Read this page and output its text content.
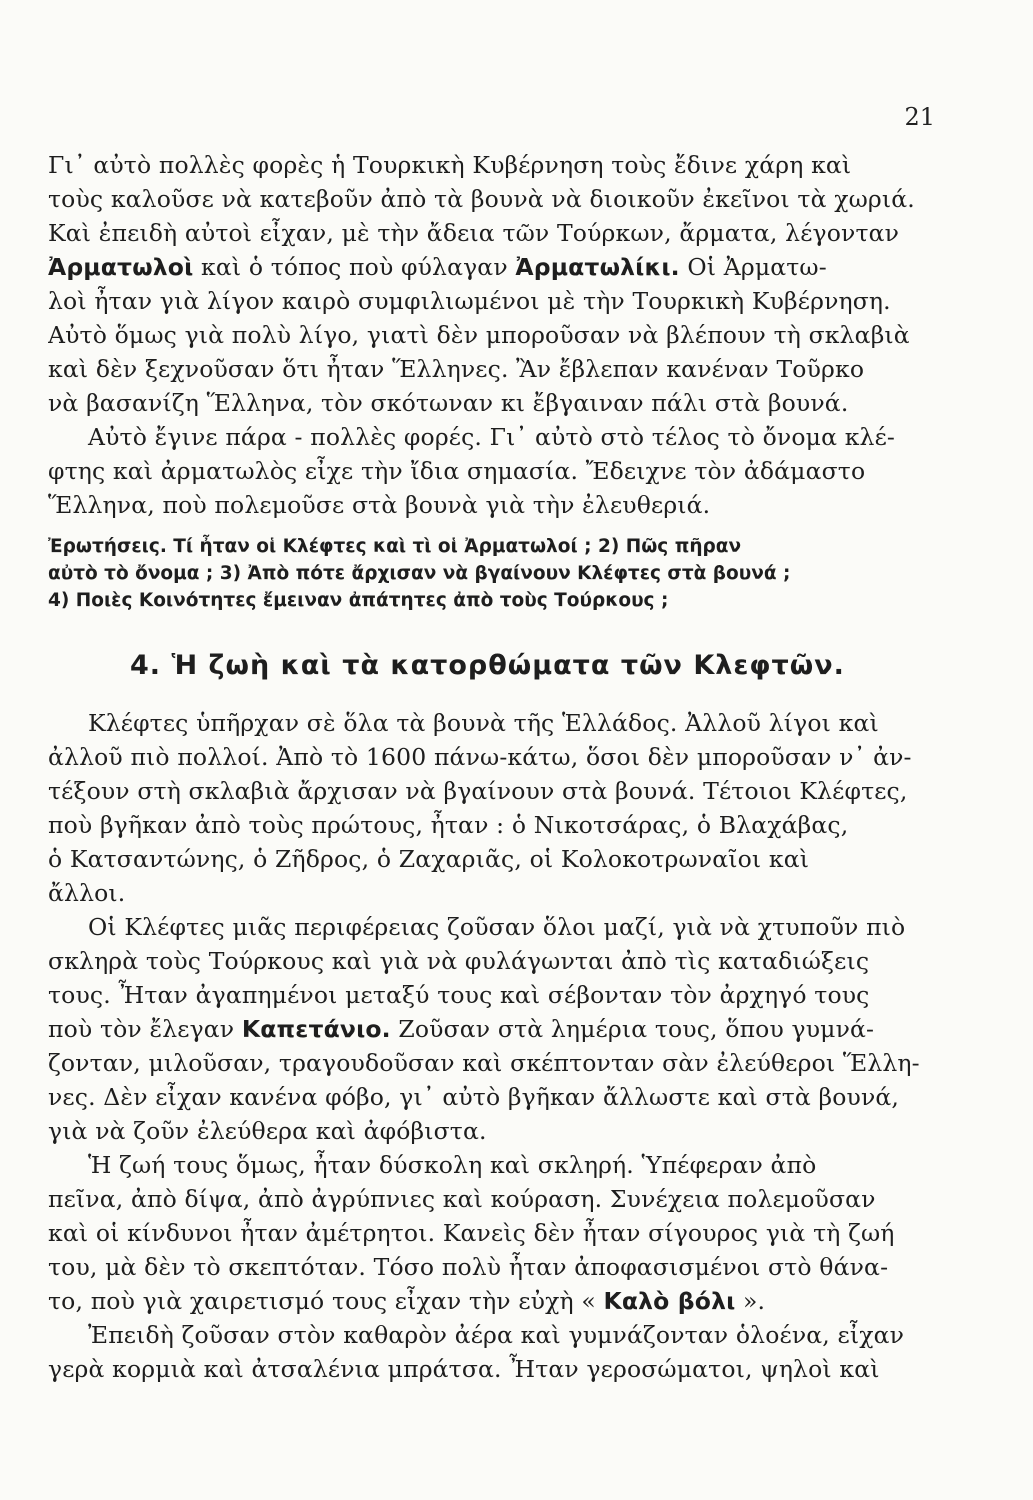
21
Γι᾿ αὐτὸ πολλὲς φορὲς ἡ Τουρκικὴ Κυβέρνηση τοὺς ἔδινε χάρη καὶ
τοὺς καλοῦσε νὰ κατεβοῦν ἀπὸ τὰ βουνὰ νὰ διοικοῦν ἐκεῖνοι τὰ χωριά.
Καὶ ἐπειδὴ αὐτοὶ εἶχαν, μὲ τὴν ἄδεια τῶν Τούρκων, ἄρματα, λέγονταν
Ἀρματωλοὶ καὶ ὁ τόπος ποὺ φύλαγαν Ἀρματωλίκι. Οἱ Ἀρματω-
λοὶ ἦταν γιὰ λίγον καιρὸ συμφιλιωμένοι μὲ τὴν Τουρκικὴ Κυβέρνηση.
Αὐτὸ ὅμως γιὰ πολὺ λίγο, γιατὶ δὲν μποροῦσαν νὰ βλέπουν τὴ σκλαβιὰ
καὶ δὲν ξεχνοῦσαν ὅτι ἦταν Ἕλληνες. Ἂν ἔβλεπαν κανέναν Τοῦρκο
νὰ βασανίζη Ἕλληνα, τὸν σκότωναν κι ἔβγαιναν πάλι στὰ βουνά.
Αὐτὸ ἔγινε πάρα - πολλὲς φορές. Γι᾿ αὐτὸ στὸ τέλος τὸ ὄνομα κλέ-
φτης καὶ ἀρματωλὸς εἶχε τὴν ἴδια σημασία. Ἔδειχνε τὸν ἀδάμαστο
Ἕλληνα, ποὺ πολεμοῦσε στὰ βουνὰ γιὰ τὴν ἐλευθεριά.
Ἐρωτήσεις. Τί ἦταν οἱ Κλέφτες καὶ τὶ οἱ Ἀρματωλοί ; 2) Πῶς πῆραν
αὐτὸ τὸ ὄνομα ; 3) Ἀπὸ πότε ἄρχισαν νὰ βγαίνουν Κλέφτες στὰ βουνά ;
4) Ποιὲς Κοινότητες ἔμειναν ἀπάτητες ἀπὸ τοὺς Τούρκους ;
4. Ἡ ζωὴ καὶ τὰ κατορθώματα τῶν Κλεφτῶν.
Κλέφτες ὑπῆρχαν σὲ ὅλα τὰ βουνὰ τῆς Ἑλλάδος. Ἀλλοῦ λίγοι καὶ
ἀλλοῦ πιὸ πολλοί. Ἀπὸ τὸ 1600 πάνω-κάτω, ὅσοι δὲν μποροῦσαν ν᾿ ἀν-
τέξουν στὴ σκλαβιὰ ἄρχισαν νὰ βγαίνουν στὰ βουνά. Τέτοιοι Κλέφτες,
ποὺ βγῆκαν ἀπὸ τοὺς πρώτους, ἦταν : ὁ Νικοτσάρας, ὁ Βλαχάβας,
ὁ Κατσαντώνης, ὁ Ζῆδρος, ὁ Ζαχαριᾶς, οἱ Κολοκοτρωναῖοι καὶ
ἄλλοι.
Οἱ Κλέφτες μιᾶς περιφέρειας ζοῦσαν ὅλοι μαζί, γιὰ νὰ χτυποῦν πιὸ
σκληρὰ τοὺς Τούρκους καὶ γιὰ νὰ φυλάγωνται ἀπὸ τὶς καταδιώξεις
τους. Ἦταν ἀγαπημένοι μεταξύ τους καὶ σέβονταν τὸν ἀρχηγό τους
ποὺ τὸν ἔλεγαν Καπετάνιο. Ζοῦσαν στὰ λημέρια τους, ὅπου γυμνά-
ζονταν, μιλοῦσαν, τραγουδοῦσαν καὶ σκέπτονταν σὰν ἐλεύθεροι Ἕλλη-
νες. Δὲν εἶχαν κανένα φόβο, γι᾿ αὐτὸ βγῆκαν ἄλλωστε καὶ στὰ βουνά,
γιὰ νὰ ζοῦν ἐλεύθερα καὶ ἀφόβιστα.
Ἡ ζωή τους ὅμως, ἦταν δύσκολη καὶ σκληρή. Ὑπέφεραν ἀπὸ
πεῖνα, ἀπὸ δίψα, ἀπὸ ἀγρύπνιες καὶ κούραση. Συνέχεια πολεμοῦσαν
καὶ οἱ κίνδυνοι ἦταν ἀμέτρητοι. Κανεὶς δὲν ἦταν σίγουρος γιὰ τὴ ζωή
του, μὰ δὲν τὸ σκεπτόταν. Τόσο πολὺ ἦταν ἀποφασισμένοι στὸ θάνα-
το, ποὺ γιὰ χαιρετισμό τους εἶχαν τὴν εὐχὴ « Καλὸ βόλι ».
Ἐπειδὴ ζοῦσαν στὸν καθαρὸν ἀέρα καὶ γυμνάζονταν ὁλοένα, εἶχαν
γερὰ κορμιὰ καὶ ἀτσαλένια μπράτσα. Ἦταν γεροσώματοι, ψηλοὶ καὶ
